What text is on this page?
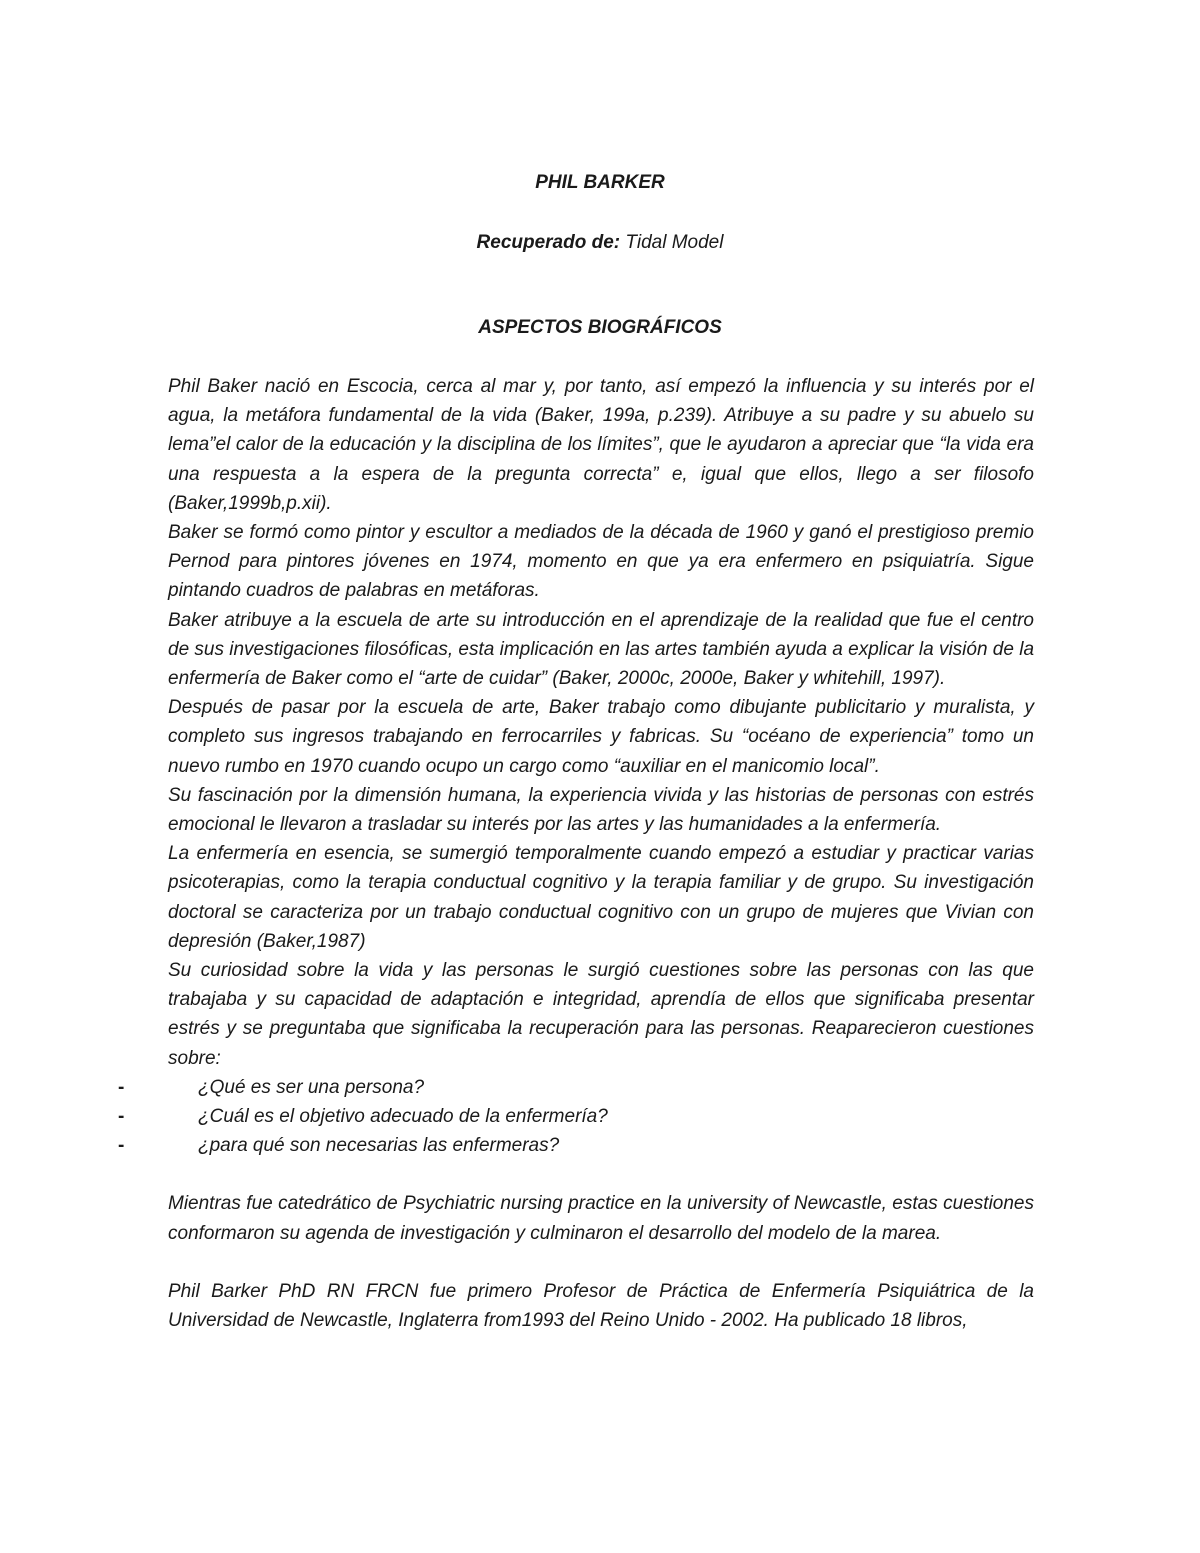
PHIL BARKER

Recuperado de: Tidal Model

ASPECTOS BIOGRÁFICOS

Phil Baker nació en Escocia, cerca al mar y, por tanto, así empezó la influencia y su interés por el agua, la metáfora fundamental de la vida (Baker, 199a, p.239). Atribuye a su padre y su abuelo su lema”el calor de la educación y la disciplina de los límites”, que le ayudaron a apreciar que “la vida era una respuesta a la espera de la pregunta correcta” e, igual que ellos, llego a ser filosofo (Baker,1999b,p.xii).

Baker se formó como pintor y escultor a mediados de la década de 1960 y ganó el prestigioso premio Pernod para pintores jóvenes en 1974, momento en que ya era enfermero en psiquiatría. Sigue pintando cuadros de palabras en metáforas.

Baker atribuye a la escuela de arte su introducción en el aprendizaje de la realidad que fue el centro de sus investigaciones filosóficas, esta implicación en las artes también ayuda a explicar la visión de la enfermería de Baker como el “arte de cuidar” (Baker, 2000c, 2000e, Baker y whitehill, 1997).

Después de pasar por la escuela de arte, Baker trabajo como dibujante publicitario y muralista, y completo sus ingresos trabajando en ferrocarriles y fabricas. Su “océano de experiencia” tomo un nuevo rumbo en 1970 cuando ocupo un cargo como “auxiliar en el manicomio local”.

Su fascinación por la dimensión humana, la experiencia vivida y las historias de personas con estrés emocional le llevaron a trasladar su interés por las artes y las humanidades a la enfermería.

La enfermería en esencia, se sumergió temporalmente cuando empezó a estudiar y practicar varias psicoterapias, como la terapia conductual cognitivo y la terapia familiar y de grupo. Su investigación doctoral se caracteriza por un trabajo conductual cognitivo con un grupo de mujeres que Vivian con depresión (Baker,1987)

Su curiosidad sobre la vida y las personas le surgió cuestiones sobre las personas con las que trabajaba y su capacidad de adaptación e integridad, aprendía de ellos que significaba presentar estrés y se preguntaba que significaba la recuperación para las personas. Reaparecieron cuestiones sobre:

-	¿Qué es ser una persona?
-	¿Cuál es el objetivo adecuado de la enfermería?
-	¿para qué son necesarias las enfermeras?

Mientras fue catedrático de Psychiatric nursing practice en la university of Newcastle, estas cuestiones conformaron su agenda de investigación y culminaron el desarrollo del modelo de la marea.

Phil Barker PhD RN FRCN fue primero Profesor de Práctica de Enfermería Psiquiátrica de la Universidad de Newcastle, Inglaterra from1993 del Reino Unido - 2002. Ha publicado 18 libros,
